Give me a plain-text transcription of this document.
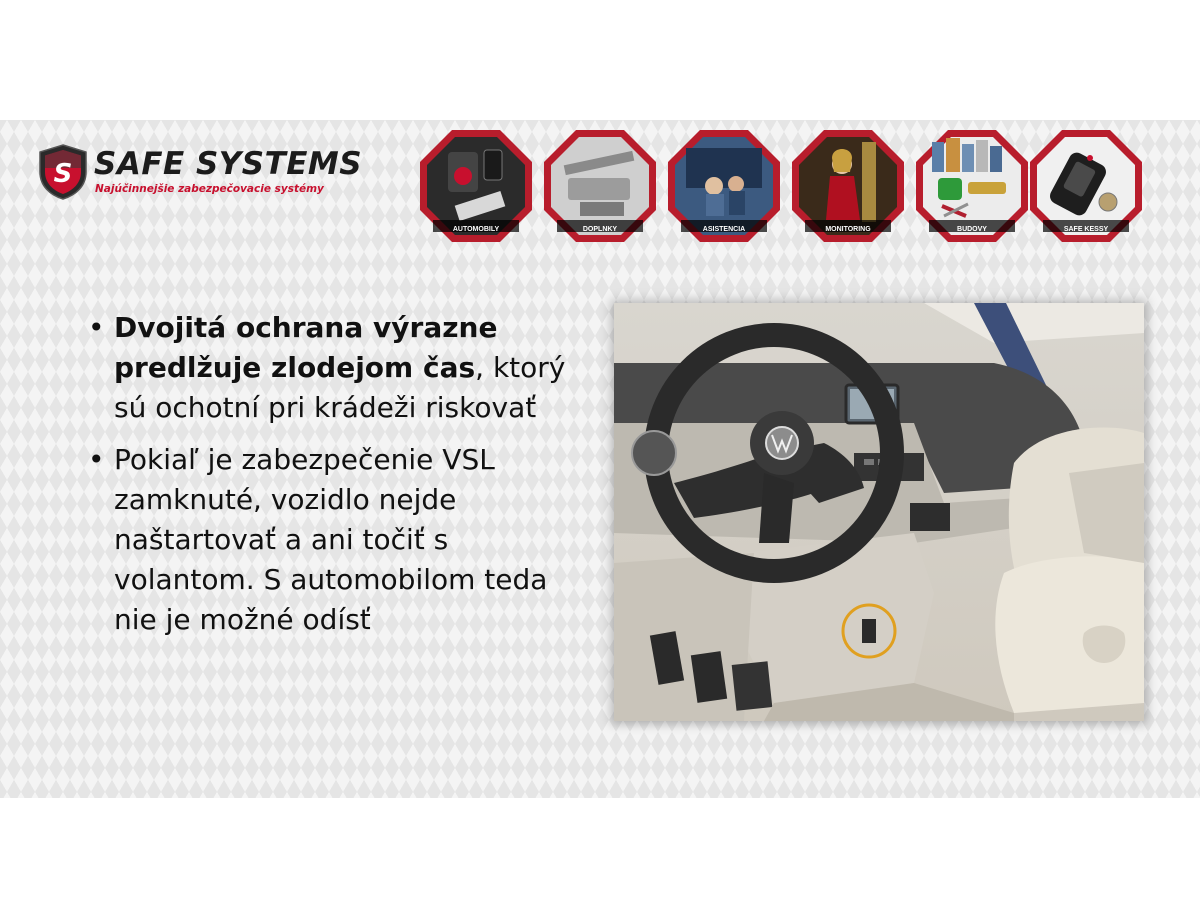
S SAFE SYSTEMS
Najúčinnejšie zabezpečovacie systémy
AUTOMOBILY	DOPLNKY	ASISTENCIA	MONITORING	BUDOVY	SAFE KESSY
• Dvojitá ochrana výrazne predlžuje zlodejom čas, ktorý sú ochotní pri krádeži riskovať
• Pokiaľ je zabezpečenie VSL zamknuté, vozidlo nejde naštartovať a ani točiť s volantom. S automobilom teda nie je možné odísť
